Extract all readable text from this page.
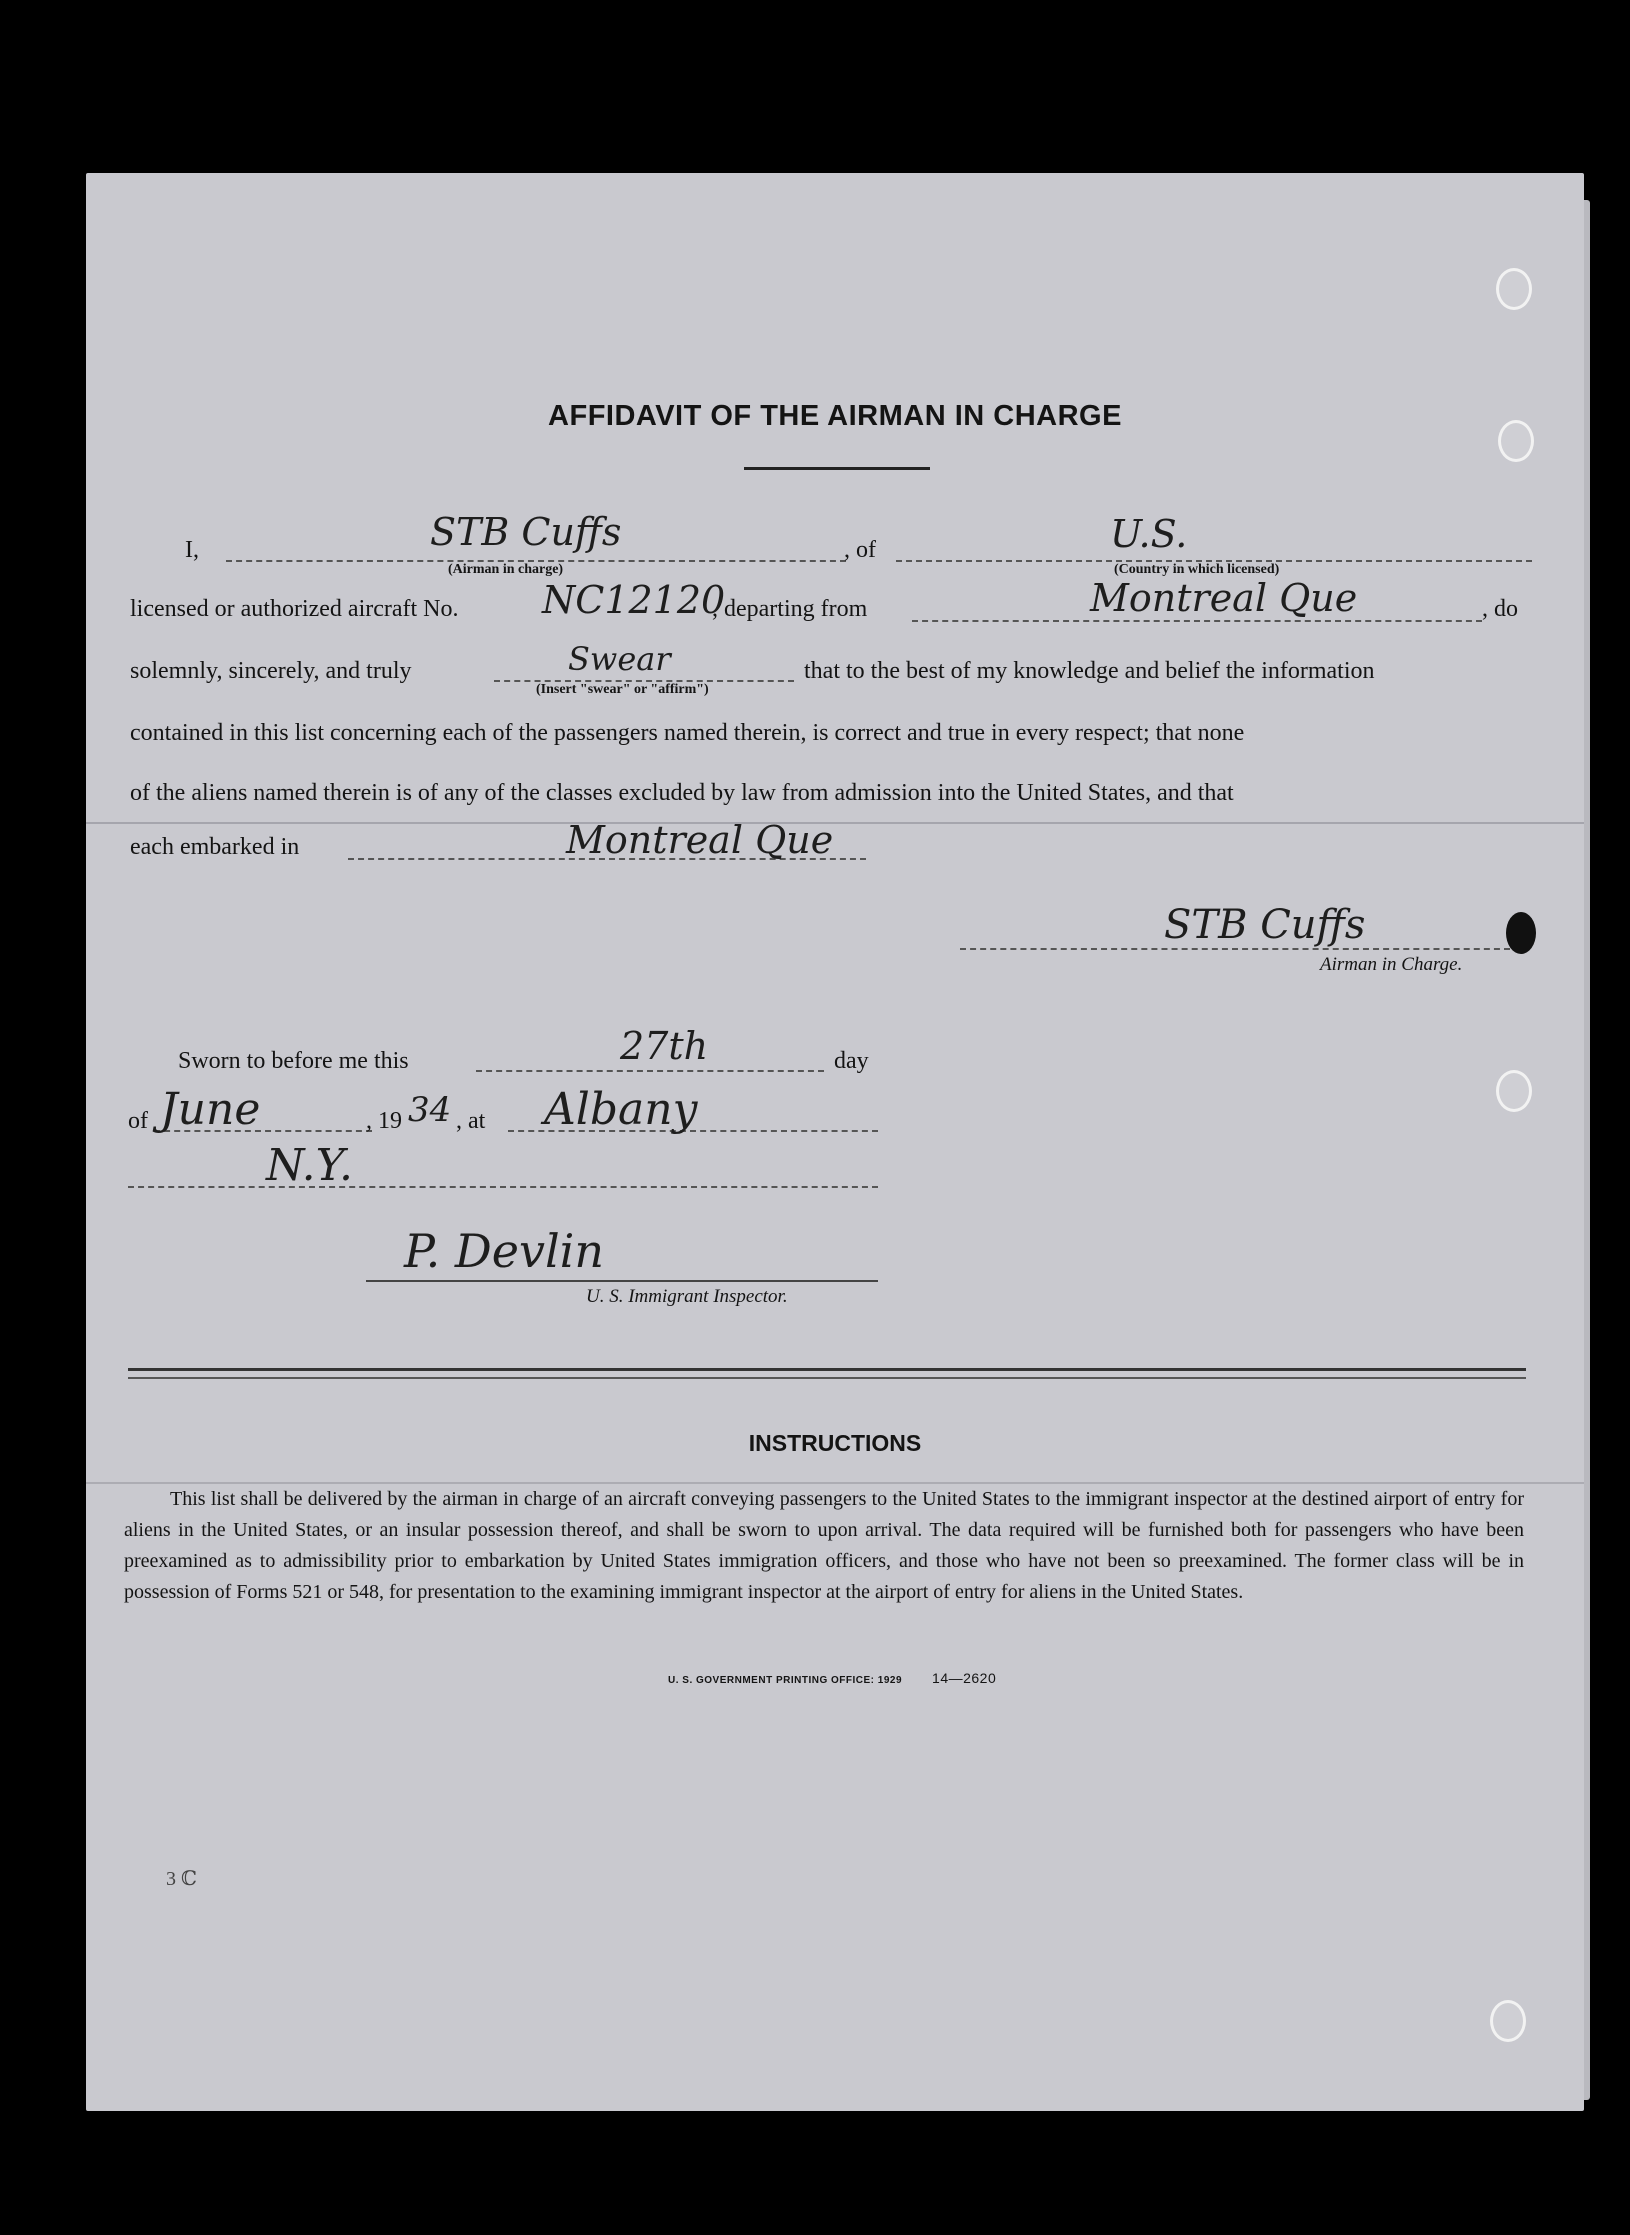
AFFIDAVIT OF THE AIRMAN IN CHARGE
I,	STB Cuffs
(Airman in charge)
, of	U.S.
(Country in which licensed)
licensed or authorized aircraft No. NC12120
, departing from	Montreal Que	, do
solemnly, sincerely, and truly	Swear
(Insert "swear" or "affirm")
that to the best of my knowledge and belief the information
contained in this list concerning each of the passengers named therein, is correct and true in every respect; that none
of the aliens named therein is of any of the classes excluded by law from admission into the United States, and that
each embarked in	Montreal Que
STB Cuffs
Airman in Charge.
Sworn to before me this	27th	day
of June	, 19 34 , at Albany
N.Y.
P. Devlin
U. S. Immigrant Inspector.
INSTRUCTIONS
This list shall be delivered by the airman in charge of an aircraft conveying passengers to the United States to the immigrant inspector at the destined airport of entry for aliens in the United States, or an insular possession thereof, and shall be sworn to upon arrival. The data required will be furnished both for passengers who have been preexamined as to admissibility prior to embarkation by United States immigration officers, and those who have not been so preexamined. The former class will be in possession of Forms 521 or 548, for presentation to the examining immigrant inspector at the airport of entry for aliens in the United States.
U. S. GOVERNMENT PRINTING OFFICE: 1929 14—2620
3 ℂ
